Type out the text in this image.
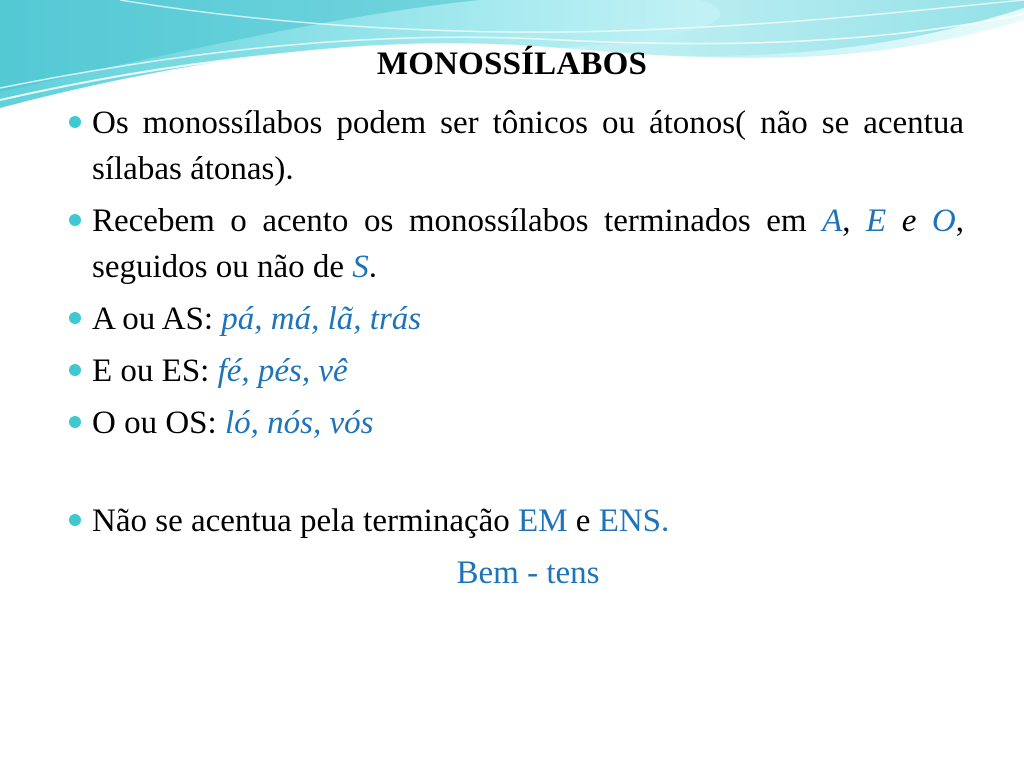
MONOSSÍLABOS
Os monossílabos podem ser tônicos ou átonos( não se acentua sílabas átonas).
Recebem o acento os monossílabos terminados em A, E e O, seguidos ou não de S.
A ou AS: pá, má, lã, trás
E ou ES: fé, pés, vê
O ou OS: ló, nós, vós
Não se acentua pela terminação EM e ENS.
Bem - tens
